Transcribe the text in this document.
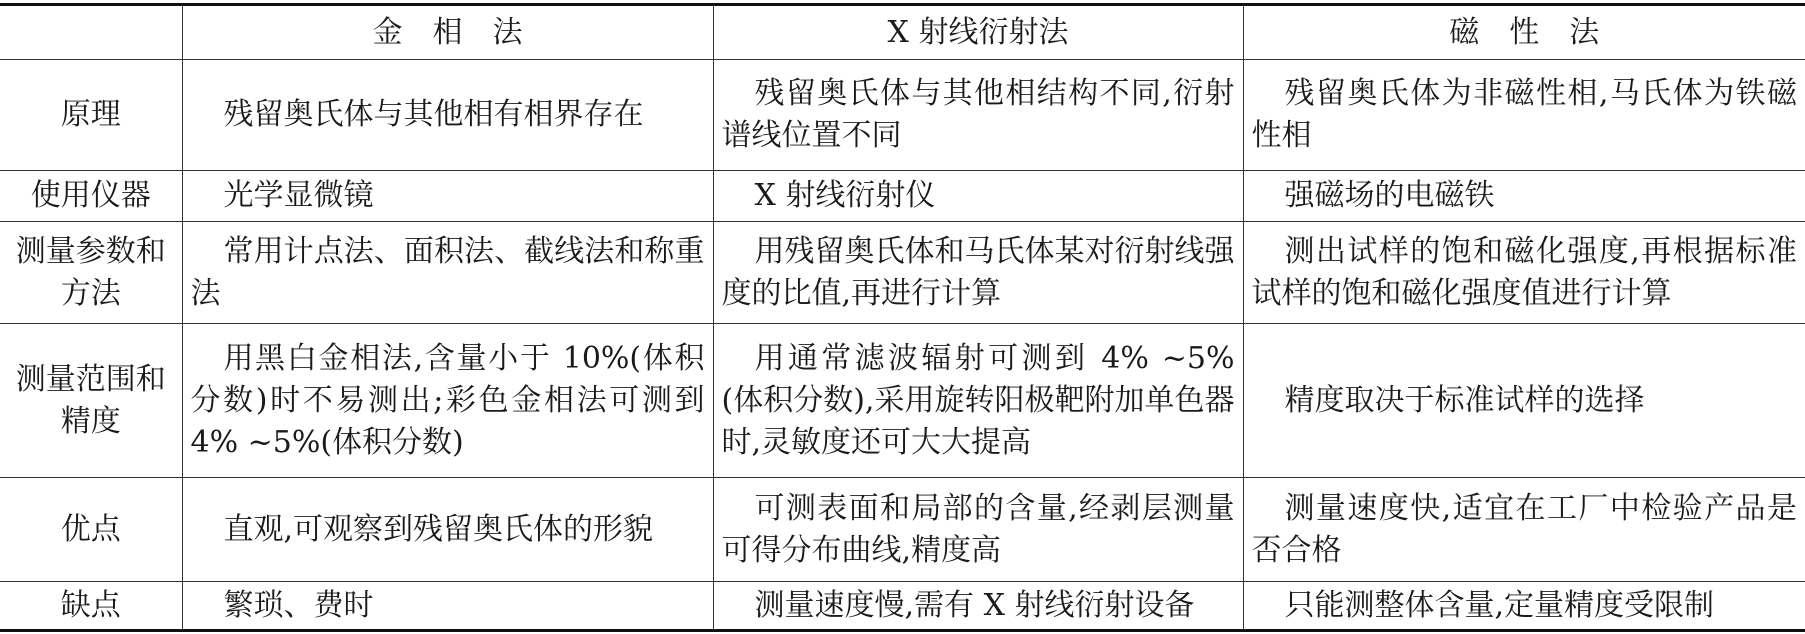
	金　相　法	X 射线衍射法	磁　性　法
原理	残留奥氏体与其他相有相界存在	残留奥氏体与其他相结构不同,衍射谱线位置不同	残留奥氏体为非磁性相,马氏体为铁磁性相
使用仪器	光学显微镜	X 射线衍射仪	强磁场的电磁铁
测量参数和方法	常用计点法、面积法、截线法和称重法	用残留奥氏体和马氏体某对衍射线强度的比值,再进行计算	测出试样的饱和磁化强度,再根据标准试样的饱和磁化强度值进行计算
测量范围和精度	用黑白金相法,含量小于 10%(体积分数)时不易测出;彩色金相法可测到 4% ~5%(体积分数)	用通常滤波辐射可测到 4% ~5%(体积分数),采用旋转阳极靶附加单色器时,灵敏度还可大大提高	精度取决于标准试样的选择
优点	直观,可观察到残留奥氏体的形貌	可测表面和局部的含量,经剥层测量可得分布曲线,精度高	测量速度快,适宜在工厂中检验产品是否合格
缺点	繁琐、费时	测量速度慢,需有 X 射线衍射设备	只能测整体含量,定量精度受限制
